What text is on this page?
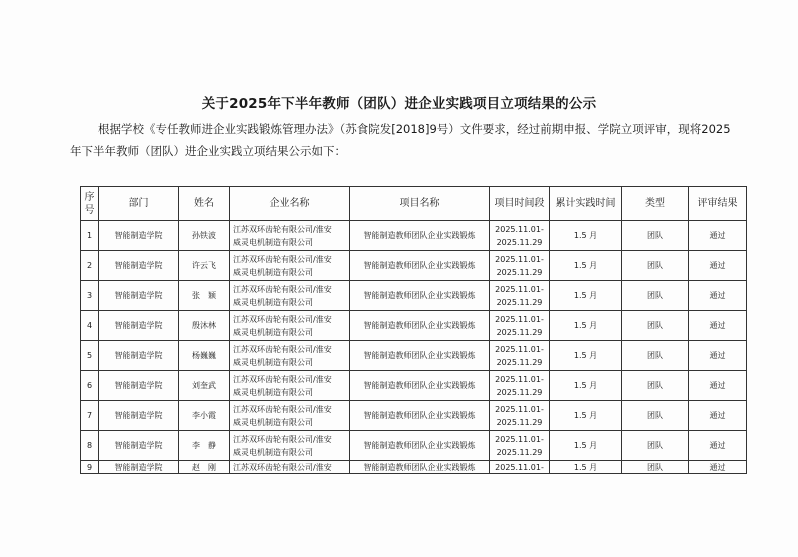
关于2025年下半年教师（团队）进企业实践项目立项结果的公示
根据学校《专任教师进企业实践锻炼管理办法》（苏食院发[2018]9号）文件要求，经过前期申报、学院立项评审，现将2025年下半年教师（团队）进企业实践立项结果公示如下：
序
号	部门	姓名	企业名称	项目名称	项目时间段	累计实践时间	类型	评审结果
1	智能制造学院	孙铁波	江苏双环齿轮有限公司/淮安
威灵电机制造有限公司	智能制造教师团队企业实践锻炼	2025.11.01-
2025.11.29	1.5 月	团队	通过
2	智能制造学院	许云飞	江苏双环齿轮有限公司/淮安
威灵电机制造有限公司	智能制造教师团队企业实践锻炼	2025.11.01-
2025.11.29	1.5 月	团队	通过
3	智能制造学院	张　颖	江苏双环齿轮有限公司/淮安
威灵电机制造有限公司	智能制造教师团队企业实践锻炼	2025.11.01-
2025.11.29	1.5 月	团队	通过
4	智能制造学院	殷沐林	江苏双环齿轮有限公司/淮安
威灵电机制造有限公司	智能制造教师团队企业实践锻炼	2025.11.01-
2025.11.29	1.5 月	团队	通过
5	智能制造学院	杨巍巍	江苏双环齿轮有限公司/淮安
威灵电机制造有限公司	智能制造教师团队企业实践锻炼	2025.11.01-
2025.11.29	1.5 月	团队	通过
6	智能制造学院	刘奎武	江苏双环齿轮有限公司/淮安
威灵电机制造有限公司	智能制造教师团队企业实践锻炼	2025.11.01-
2025.11.29	1.5 月	团队	通过
7	智能制造学院	李小霞	江苏双环齿轮有限公司/淮安
威灵电机制造有限公司	智能制造教师团队企业实践锻炼	2025.11.01-
2025.11.29	1.5 月	团队	通过
8	智能制造学院	李　静	江苏双环齿轮有限公司/淮安
威灵电机制造有限公司	智能制造教师团队企业实践锻炼	2025.11.01-
2025.11.29	1.5 月	团队	通过
9	智能制造学院	赵　刚	江苏双环齿轮有限公司/淮安	智能制造教师团队企业实践锻炼	2025.11.01-	1.5 月	团队	通过
